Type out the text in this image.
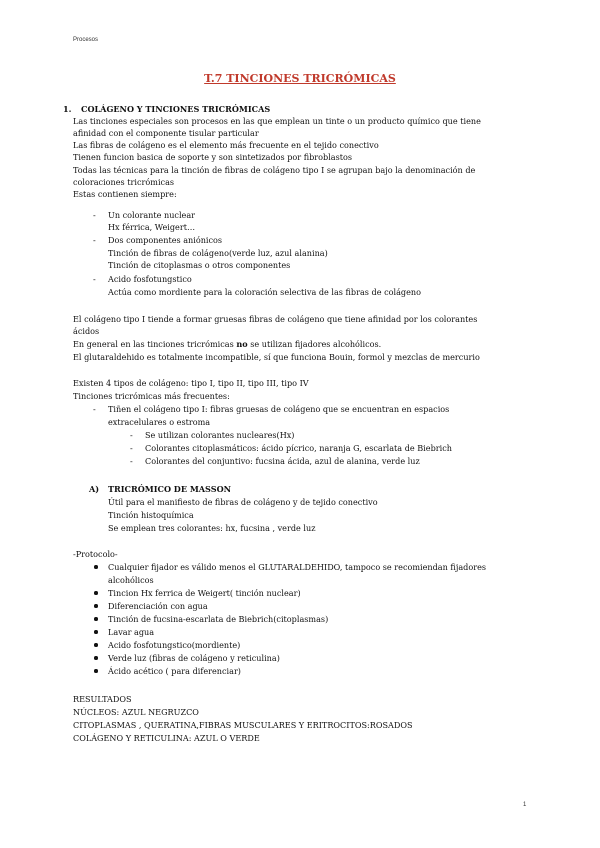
Procesos
T.7 TINCIONES TRICRÓMICAS
1. COLÁGENO Y TINCIONES TRICRÓMICAS
Las tinciones especiales son procesos en las que emplean un tinte o un producto químico que tiene
afinidad con el componente tisular particular
Las fibras de colágeno es el elemento más frecuente en el tejido conectivo
Tienen funcion basica de soporte y son sintetizados por fibroblastos
Todas las técnicas para la tinción de fibras de colágeno tipo I se agrupan bajo la denominación de
coloraciones tricrómicas
Estas contienen siempre:
- Un colorante nuclear
Hx férrica, Weigert…
- Dos componentes aniónicos
Tinción de fibras de colágeno(verde luz, azul alanina)
Tinción de citoplasmas o otros componentes
- Acido fosfotungstico
Actúa como mordiente para la coloración selectiva de las fibras de colágeno
El colágeno tipo I tiende a formar gruesas fibras de colágeno que tiene afinidad por los colorantes
ácidos
En general en las tinciones tricrómicas no se utilizan fijadores alcohólicos.
El glutaraldehido es totalmente incompatible, sí que funciona Bouin, formol y mezclas de mercurio
Existen 4 tipos de colágeno: tipo I, tipo II, tipo III, tipo IV
Tinciones tricrómicas más frecuentes:
- Tiñen el colágeno tipo I: fibras gruesas de colágeno que se encuentran en espacios
extracelulares o estroma
- Se utilizan colorantes nucleares(Hx)
- Colorantes citoplasmáticos: ácido pícrico, naranja G, escarlata de Biebrich
- Colorantes del conjuntivo: fucsina ácida, azul de alanina, verde luz
A) TRICRÓMICO DE MASSON
Útil para el manifiesto de fibras de colágeno y de tejido conectivo
Tinción histoquímica
Se emplean tres colorantes: hx, fucsina , verde luz
-Protocolo-
Cualquier fijador es válido menos el GLUTARALDEHIDO, tampoco se recomiendan fijadores
alcohólicos
Tincion Hx ferrica de Weigert( tinción nuclear)
Diferenciación con agua
Tinción de fucsina-escarlata de Biebrich(citoplasmas)
Lavar agua
Acido fosfotungstico(mordiente)
Verde luz (fibras de colágeno y reticulina)
Ácido acético ( para diferenciar)
RESULTADOS
NÚCLEOS: AZUL NEGRUZCO
CITOPLASMAS , QUERATINA,FIBRAS MUSCULARES Y ERITROCITOS:ROSADOS
COLÁGENO Y RETICULINA: AZUL O VERDE
1
